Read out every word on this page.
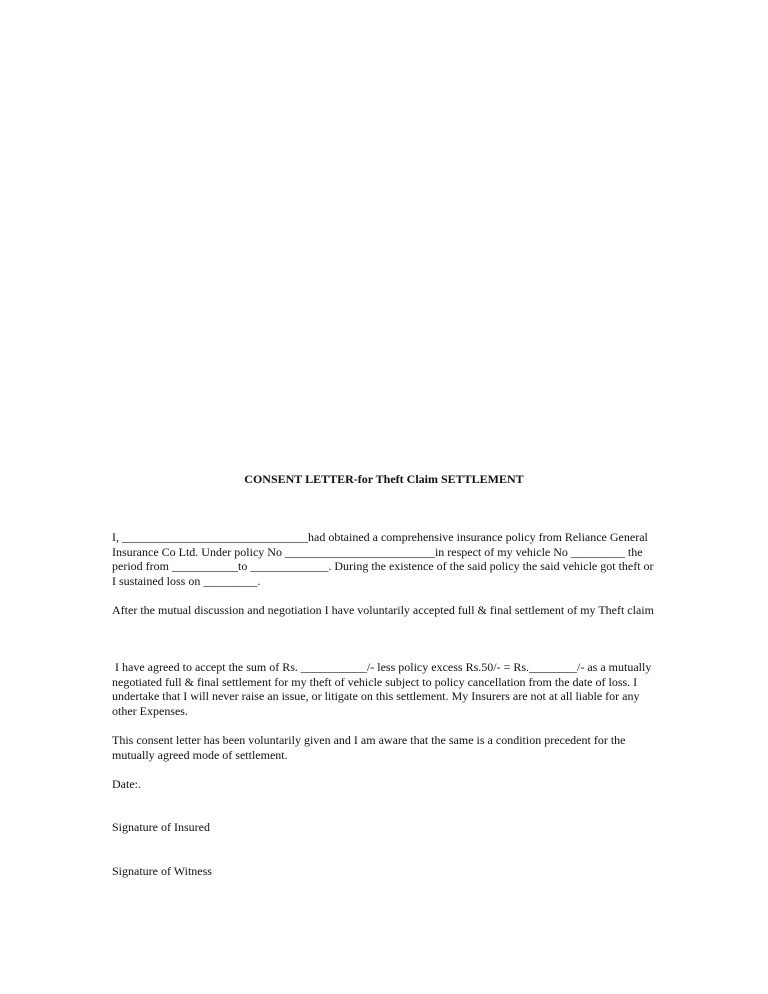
CONSENT LETTER-for Theft Claim SETTLEMENT

I, _______________________________had obtained a comprehensive insurance policy from Reliance General Insurance Co Ltd. Under policy No _________________________in respect of my vehicle No _________ the period from ___________to _____________. During the existence of the said policy the said vehicle got theft or I sustained loss on _________.

After the mutual discussion and negotiation I have voluntarily accepted full & final settlement of my Theft claim

I have agreed to accept the sum of Rs. ___________/- less policy excess Rs.50/- = Rs.________/- as a mutually negotiated full & final settlement for my theft of vehicle subject to policy cancellation from the date of loss. I undertake that I will never raise an issue, or litigate on this settlement. My Insurers are not at all liable for any other Expenses.

This consent letter has been voluntarily given and I am aware that the same is a condition precedent for the mutually agreed mode of settlement.

Date:.

Signature of Insured

Signature of Witness
